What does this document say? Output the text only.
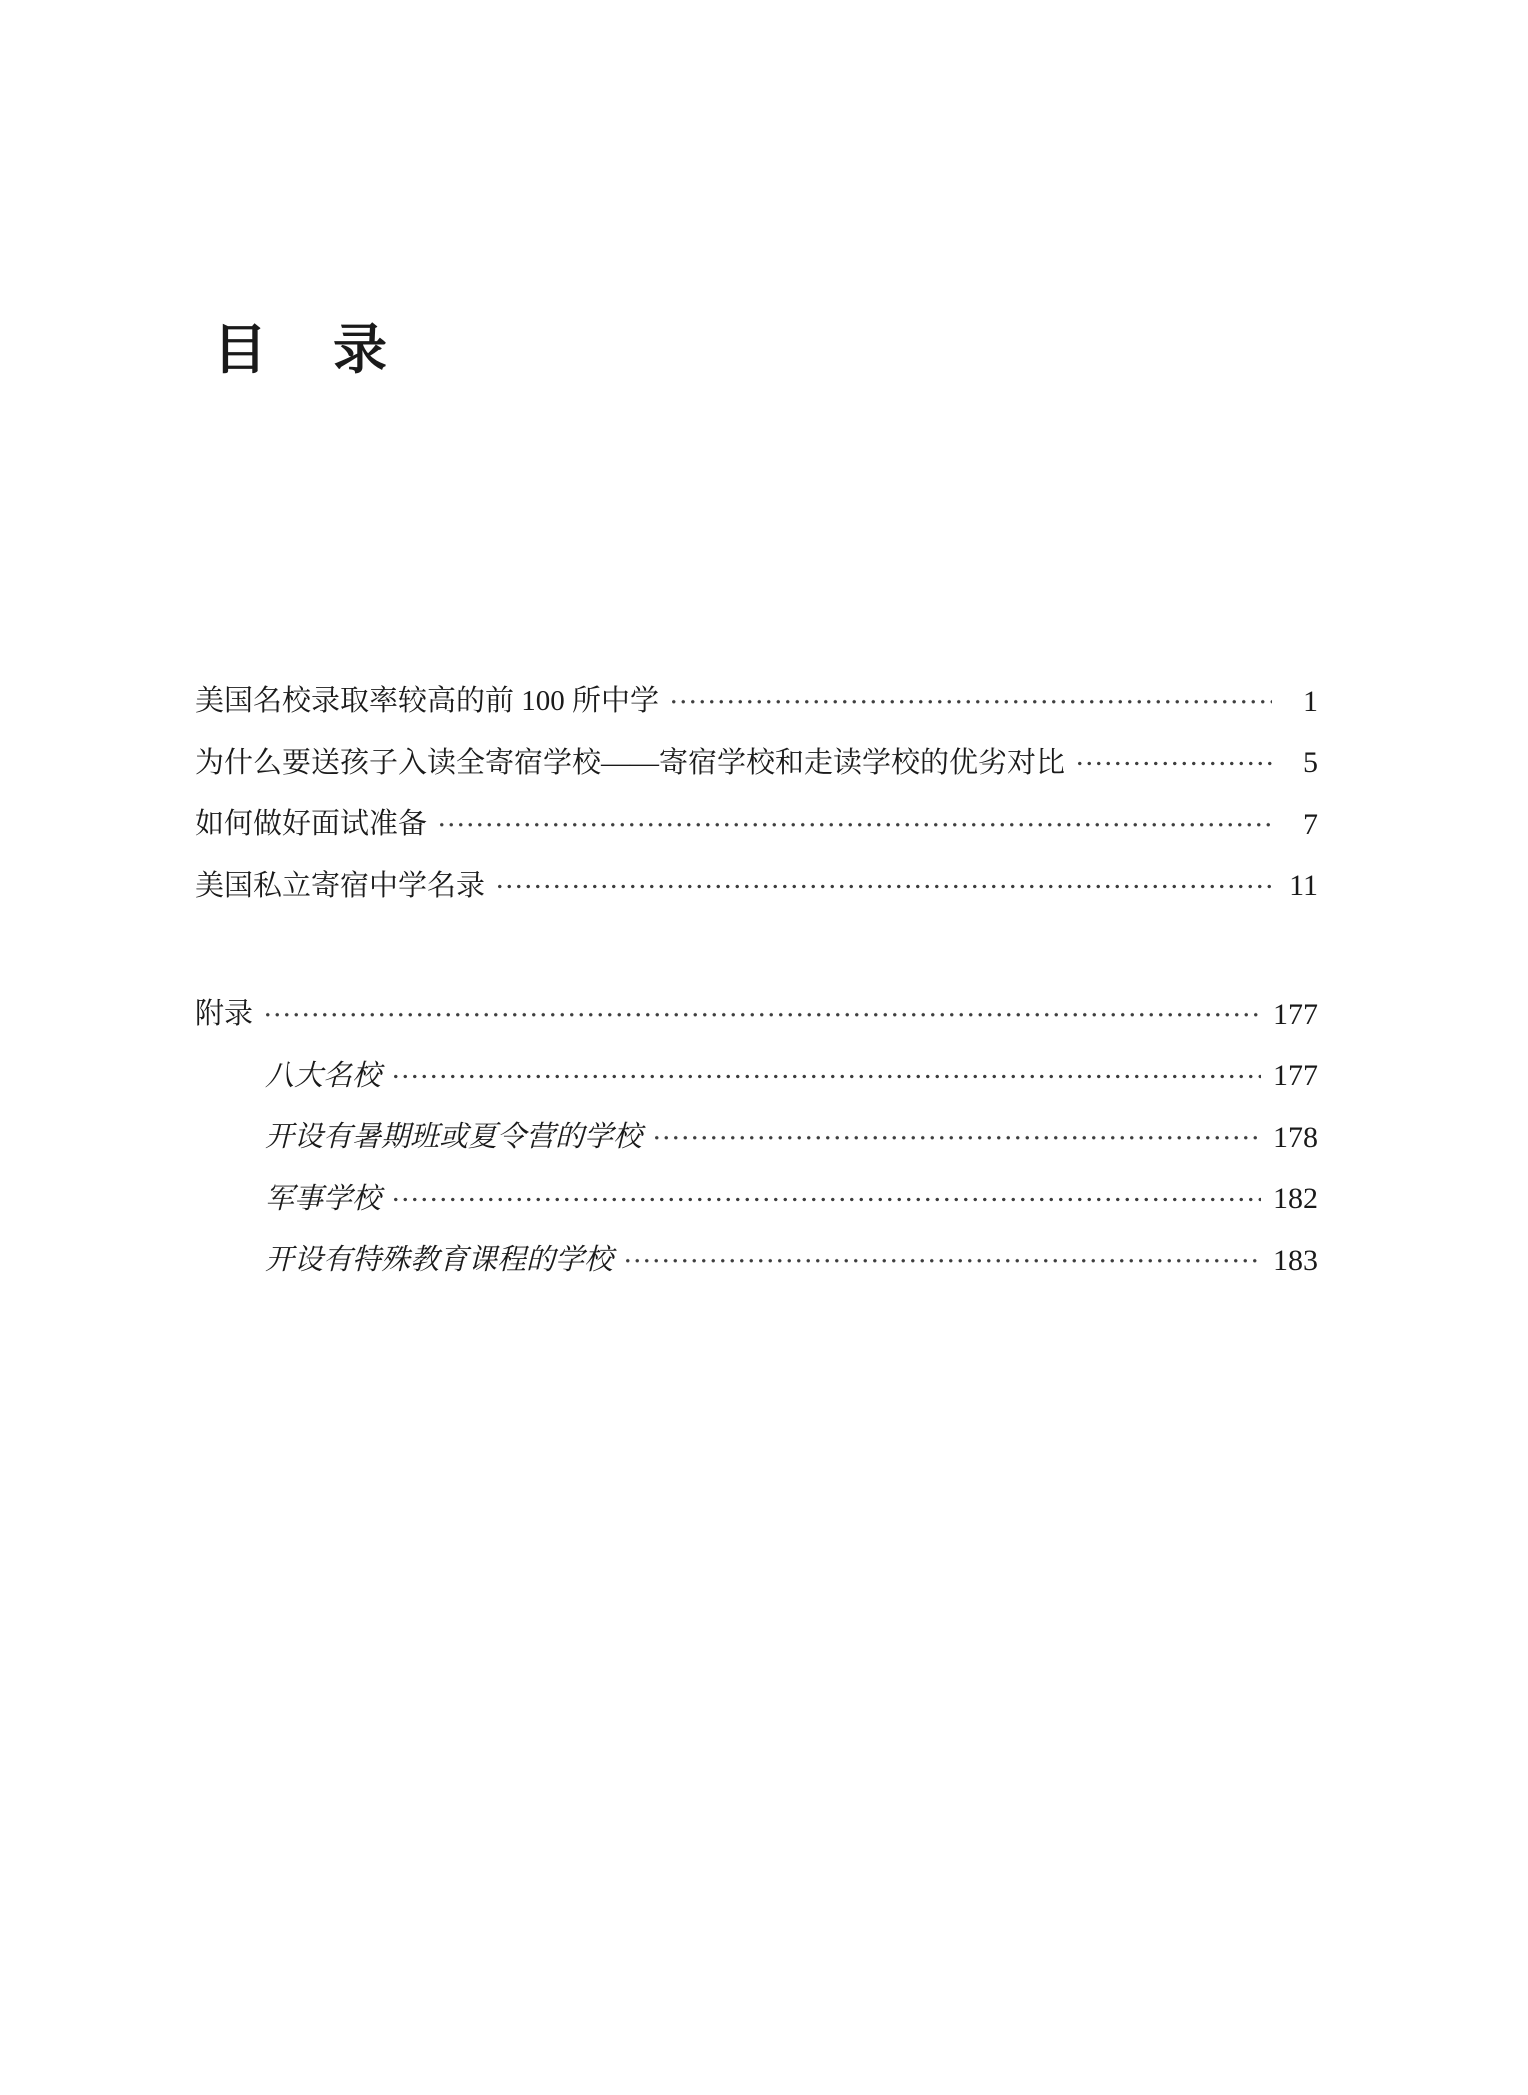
目　录
美国名校录取率较高的前 100 所中学	1
为什么要送孩子入读全寄宿学校——寄宿学校和走读学校的优劣对比	5
如何做好面试准备	7
美国私立寄宿中学名录	11
附录	177
八大名校	177
开设有暑期班或夏令营的学校	178
军事学校	182
开设有特殊教育课程的学校	183
